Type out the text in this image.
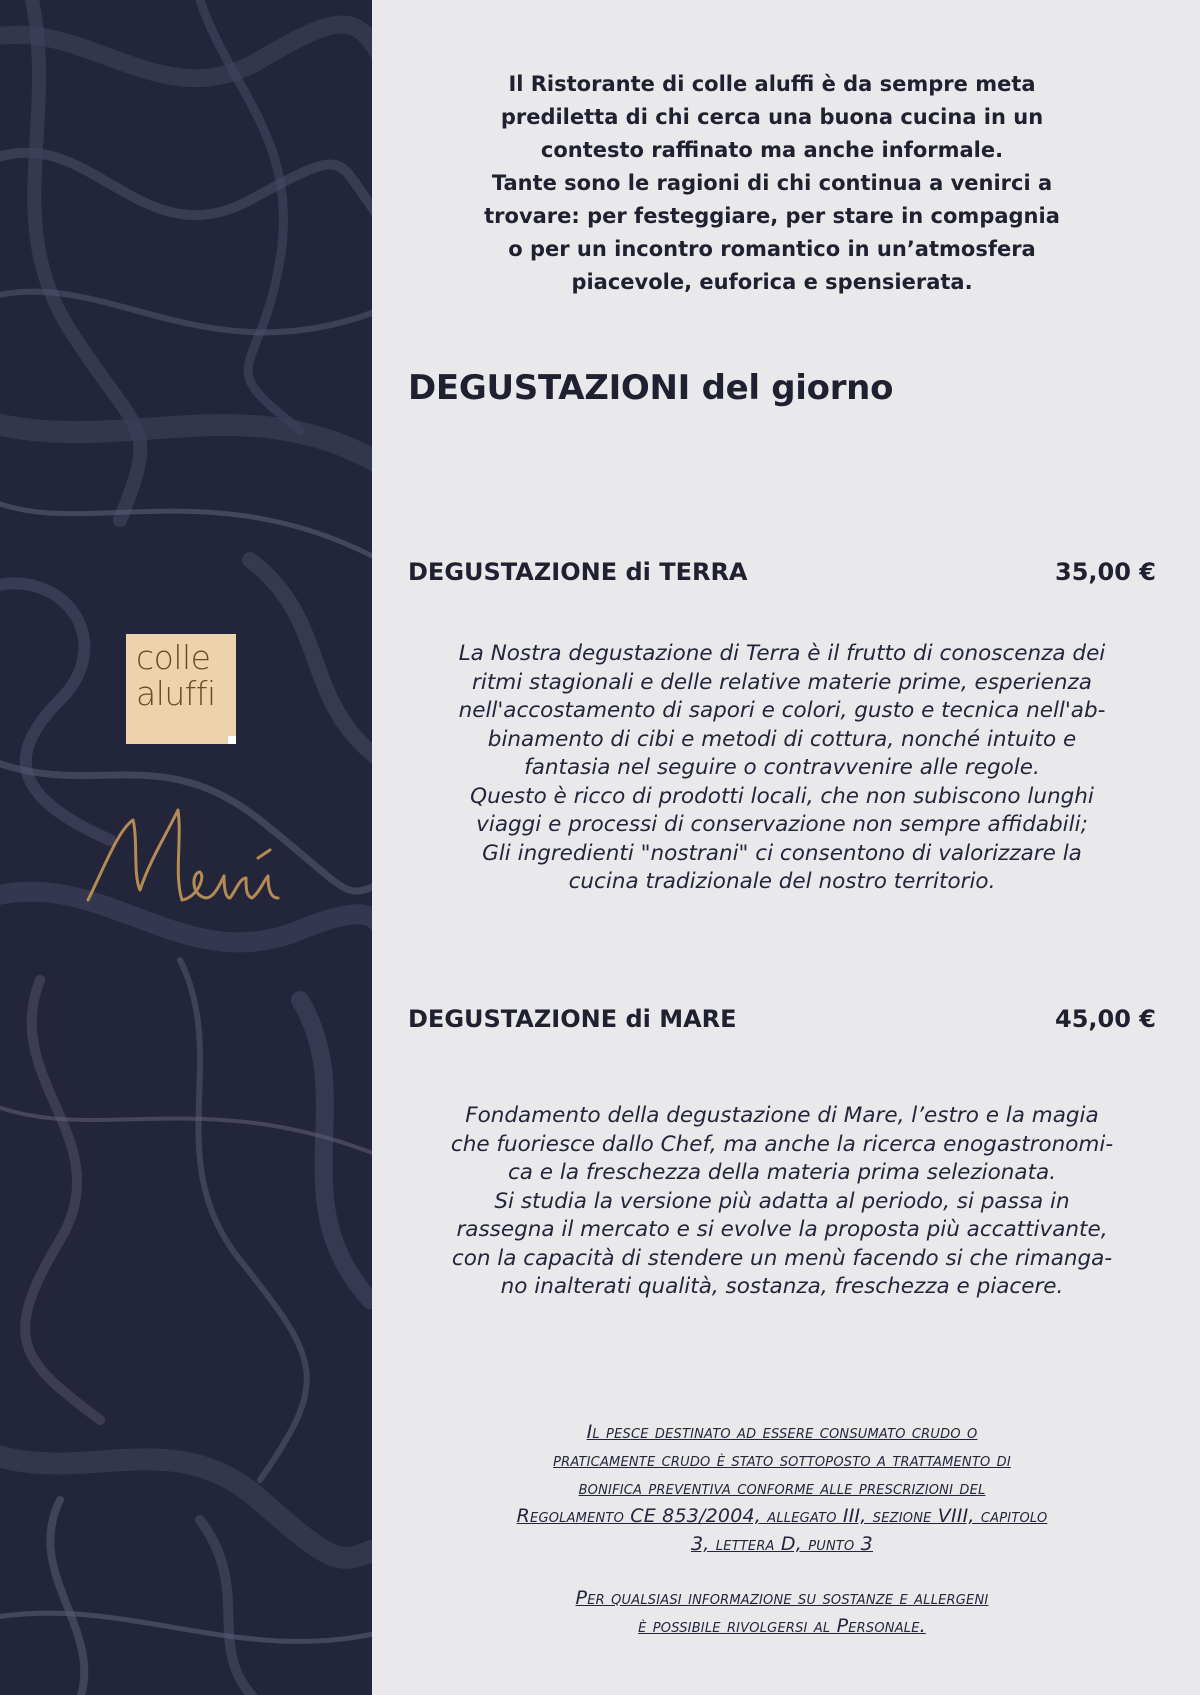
colle
aluffi

Il Ristorante di colle aluffi è da sempre meta

prediletta di chi cerca una buona cucina in un

contesto raffinato ma anche informale.

Tante sono le ragioni di chi continua a venirci a

trovare: per festeggiare, per stare in compagnia

o per un incontro romantico in un’atmosfera

piacevole, euforica e spensierata.

DEGUSTAZIONI del giorno
DEGUSTAZIONE di TERRA	35,00 €

La Nostra degustazione di Terra è il frutto di conoscenza dei

ritmi stagionali e delle relative materie prime, esperienza

nell'accostamento di sapori e colori, gusto e tecnica nell'ab-

binamento di cibi e metodi di cottura, nonché intuito e

fantasia nel seguire o contravvenire alle regole.

Questo è ricco di prodotti locali, che non subiscono lunghi

viaggi e processi di conservazione non sempre affidabili;

Gli ingredienti "nostrani" ci consentono di valorizzare la

cucina tradizionale del nostro territorio.

DEGUSTAZIONE di MARE	45,00 €

Fondamento della degustazione di Mare, l’estro e la magia

che fuoriesce dallo Chef, ma anche la ricerca enogastronomi-

ca e la freschezza della materia prima selezionata.

Si studia la versione più adatta al periodo, si passa in

rassegna il mercato e si evolve la proposta più accattivante,

con la capacità di stendere un menù facendo si che rimanga-

no inalterati qualità, sostanza, freschezza e piacere.

Il pesce destinato ad essere consumato crudo o

praticamente crudo è stato sottoposto a trattamento di

bonifica preventiva conforme alle prescrizioni del

Regolamento CE 853/2004, allegato III, sezione VIII, capitolo

3, lettera D, punto 3

Per qualsiasi informazione su sostanze e allergeni

è possibile rivolgersi al Personale.
